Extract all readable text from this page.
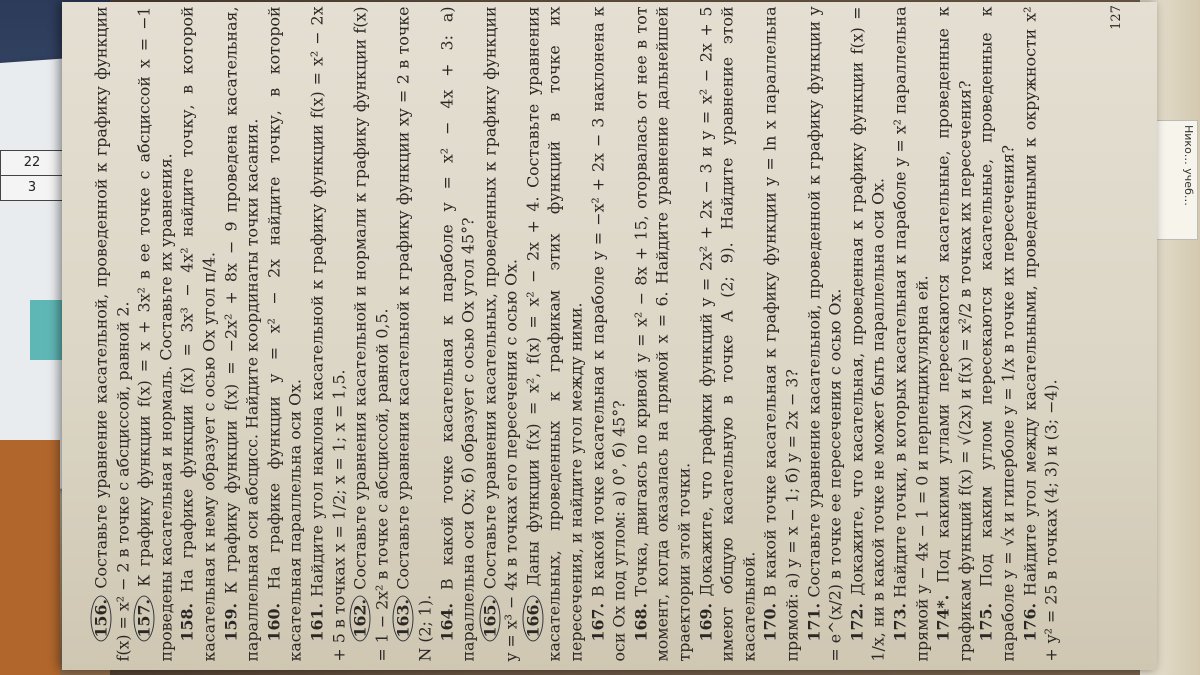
22
3	Нико… учеб…
127

156. Составьте уравнение касательной, проведенной к графику функции f(x) = x² − 2 в точке с абсциссой, равной 2. 157. К графику функции f(x) = x + 3x² в ее точке с абсциссой x = −1 проведены касательная и нормаль. Составьте их уравнения. 158. На графике функции f(x) = 3x³ − 4x² найдите точку, в которой касательная к нему образует с осью Ox угол π/4. 159. К графику функции f(x) = −2x² + 8x − 9 проведена касательная, параллельная оси абсцисс. Найдите координаты точки касания. 160. На графике функции y = x² − 2x найдите точку, в которой касательная параллельна оси Ox. 161. Найдите угол наклона касательной к графику функции f(x) = x² − 2x + 5 в точках x = 1/2; x = 1; x = 1,5. 162. Составьте уравнения касательной и нормали к графику функции f(x) = 1 − 2x² в точке с абсциссой, равной 0,5. 163. Составьте уравнения касательной к графику функции xy = 2 в точке N (2; 1). 164. В какой точке касательная к параболе y = x² − 4x + 3: а) параллельна оси Ox; б) образует с осью Ox угол 45°? 165. Составьте уравнения касательных, проведенных к графику функции y = x³ − 4x в точках его пересечения с осью Ox. 166. Даны функции f(x) = x², f(x) = x² − 2x + 4. Составьте уравнения касательных, проведенных к графикам этих функций в точке их пересечения, и найдите угол между ними. 167. В какой точке касательная к параболе y = −x² + 2x − 3 наклонена к оси Ox под углом: а) 0°, б) 45°? 168. Точка, двигаясь по кривой y = x² − 8x + 15, оторвалась от нее в тот момент, когда оказалась на прямой x = 6. Найдите уравнение дальнейшей траектории этой точки. 169. Докажите, что графики функций y = 2x² + 2x − 3 и y = x² − 2x + 5 имеют общую касательную в точке A (2; 9). Найдите уравнение этой касательной. 170. В какой точке касательная к графику функции y = ln x параллельна прямой: а) y = x − 1; б) y = 2x − 3? 171. Составьте уравнение касательной, проведенной к графику функции y = e^(x/2) в точке ее пересечения с осью Ox. 172. Докажите, что касательная, проведенная к графику функции f(x) = 1/x, ни в какой точке не может быть параллельна оси Ox. 173. Найдите точки, в которых касательная к параболе y = x² параллельна прямой y − 4x − 1 = 0 и перпендикулярна ей. 174*. Под какими углами пересекаются касательные, проведенные к графикам функций f(x) = √(2x) и f(x) = x²/2 в точках их пересечения? 175. Под каким углом пересекаются касательные, проведенные к параболе y = √x и гиперболе y = 1/x в точке их пересечения? 176. Найдите угол между касательными, проведенными к окружности x² + y² = 25 в точках (4; 3) и (3; −4).
